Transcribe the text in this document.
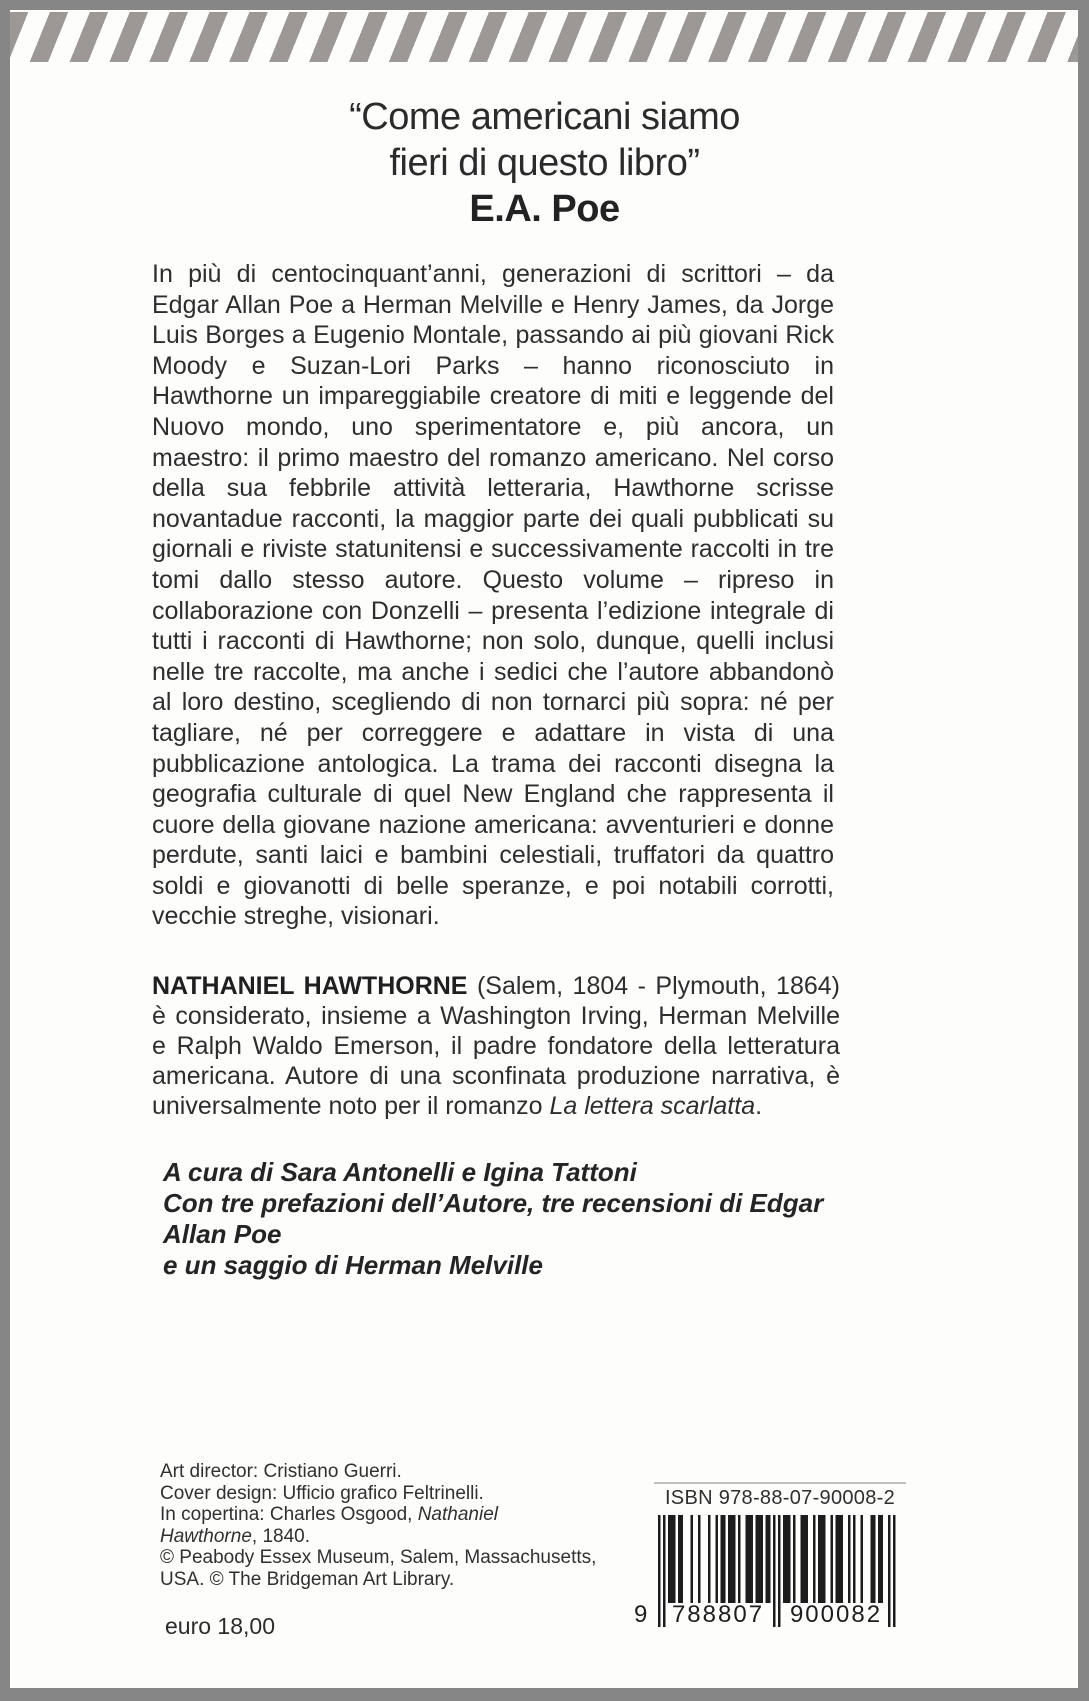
“Come americani siamo
fieri di questo libro”
E.A. Poe
In più di centocinquant’anni, generazioni di scrittori – da Edgar Allan Poe a Herman Melville e Henry James, da Jorge Luis Borges a Eugenio Montale, passando ai più giovani Rick Moody e Suzan-Lori Parks – hanno riconosciuto in Hawthorne un impareggiabile creatore di miti e leggende del Nuovo mondo, uno sperimentatore e, più ancora, un maestro: il primo maestro del romanzo americano. Nel corso della sua febbrile attività letteraria, Hawthorne scrisse novantadue racconti, la maggior parte dei quali pubblicati su giornali e riviste statunitensi e successivamente raccolti in tre tomi dallo stesso autore. Questo volume – ripreso in collaborazione con Donzelli – presenta l’edizione integrale di tutti i racconti di Hawthorne; non solo, dunque, quelli inclusi nelle tre raccolte, ma anche i sedici che l’autore abbandonò al loro destino, scegliendo di non tornarci più sopra: né per tagliare, né per correggere e adattare in vista di una pubblicazione antologica. La trama dei racconti disegna la geografia culturale di quel New England che rappresenta il cuore della giovane nazione americana: avventurieri e donne perdute, santi laici e bambini celestiali, truffatori da quattro soldi e giovanotti di belle speranze, e poi notabili corrotti, vecchie streghe, visionari.
NATHANIEL HAWTHORNE (Salem, 1804 - Plymouth, 1864) è considerato, insieme a Washington Irving, Herman Melville e Ralph Waldo Emerson, il padre fondatore della letteratura americana. Autore di una sconfinata produzione narrativa, è universalmente noto per il romanzo La lettera scarlatta.
A cura di Sara Antonelli e Igina Tattoni
Con tre prefazioni dell’Autore, tre recensioni di Edgar Allan Poe
e un saggio di Herman Melville
Art director: Cristiano Guerri.
Cover design: Ufficio grafico Feltrinelli.
In copertina: Charles Osgood, Nathaniel
Hawthorne, 1840.
© Peabody Essex Museum, Salem, Massachusetts,
USA. © The Bridgeman Art Library.
euro 18,00
ISBN 978-88-07-90008-2
9 788807 900082
